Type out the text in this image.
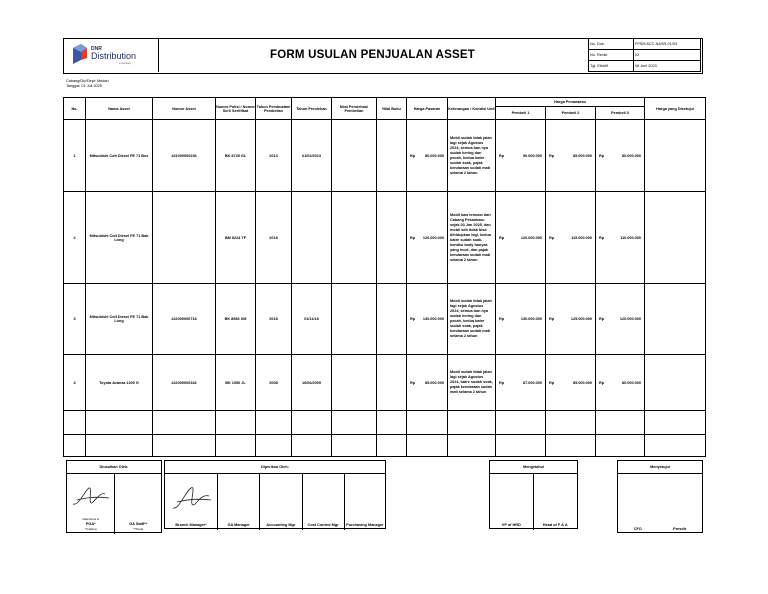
DNR
Distribution
a company
FORM USULAN PENJUALAN ASSET
No. Dok.	FPSM ACC-NASR-01/03
No. Revisi	02
Tgl. Efektif	06 Juni 2023
Cabang/Div/Dept: Medan
Tanggal: 01 Juli 2025
No.	Nama Asset	Nomor Asset	Nomor Polisi / Nomor Seri/ Sertifikat	Tahun Pembuatan/ Pembelian	Tahun Perolehan	Nilai Perolehan/ Pembelian	Nilai Buku	Harga Pasaran	Keterangan / Kondisi Unit	Harga Penawaran			Harga yang Disetujui
										Pembeli 1	Pembeli 2	Pembeli 3	
1	Mitsubishi Colt Diesel FE 71 Box	421000000236	BK 8745 GL	2013	01/02/2013			Rp 80.000.000	Mobil sudah tidak jalan lagi sejak Agustus 2024, semua ban nya sudah kering dan pecah, kedua batre sudah soak, pajak kendaraan sudah mati selama 2 tahun	Rp 90.000.000	Rp 85.000.000	Rp 80.000.000	

2	Mitsubishi Colt Diesel FE 71 Bak Long		BM 8224 TF	2018				Rp 120.000.000	Mobil kaw termasi dari Cabang Pekanbaru sejak 03 Jan 2025, dan mobil sdh tidak bisa dihidupkan lagi, kedua batre sudah soak, kondisi body banyak yang lecet, dan pajak kendaraan sudah mati selama 2 tahun	Rp 120.000.000	Rp 115.000.000	Rp 110.000.000	

3	Mitsubishi Colt Diesel FE 71 Bak Long	422000000718	BK 8986 XM	2018	01/11/18			Rp 130.000.000	Mobil sudah tidak jalan lagi sejak Agustus 2024, semua ban nya sudah kering dan pecah, kedua batre sudah soak, pajak kendaraan sudah mati selama 2 tahun	Rp 130.000.000	Rp 125.000.000	Rp 120.000.000	

4	Toyota Avanza 1300 G	422000000342	BK 1050 JL	2008	16/06/2009			Rp 85.000.000	Mobil sudah tidak jalan lagi sejak Agustus 2024, batre sudah soak, pajak kendaraan sudah mati selama 2 tahun	Rp 87.000.000	Rp 85.000.000	Rp 80.000.000	

Diusulkan Oleh:
Valentinus H
PGA*
*Cabang
GA Staff**
**Pusat
Diperiksa Oleh:
Branch Manager*	GA Manager	Accounting Mgr	Cost Control Mgr	Purchasing Manager
Mengetahui
VP of HRD	Head of F & A
Menyetujui
CFO	Presdir
